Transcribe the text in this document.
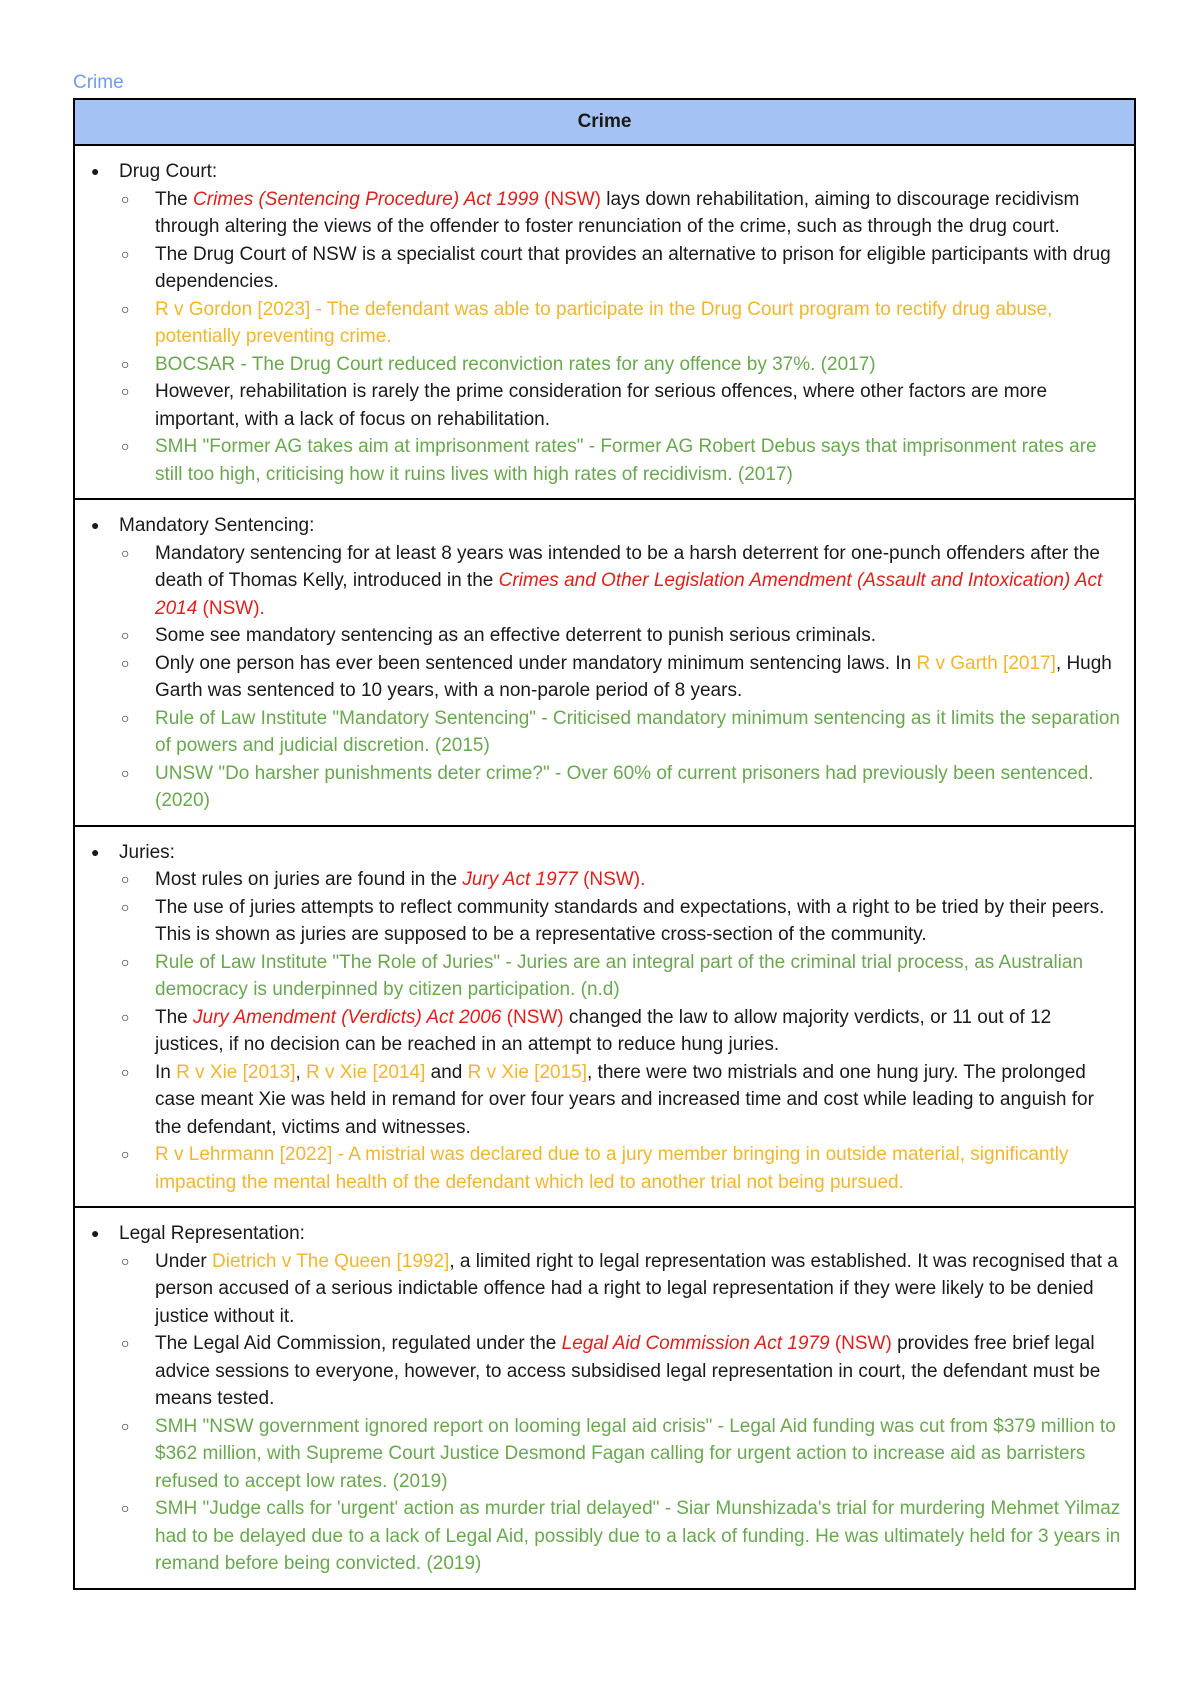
Crime
Crime

● Drug Court:
○ The Crimes (Sentencing Procedure) Act 1999 (NSW) lays down rehabilitation, aiming to discourage recidivism through altering the views of the offender to foster renunciation of the crime, such as through the drug court.
○ The Drug Court of NSW is a specialist court that provides an alternative to prison for eligible participants with drug dependencies.
○ R v Gordon [2023] - The defendant was able to participate in the Drug Court program to rectify drug abuse, potentially preventing crime.
○ BOCSAR - The Drug Court reduced reconviction rates for any offence by 37%. (2017)
○ However, rehabilitation is rarely the prime consideration for serious offences, where other factors are more important, with a lack of focus on rehabilitation.
○ SMH "Former AG takes aim at imprisonment rates" - Former AG Robert Debus says that imprisonment rates are still too high, criticising how it ruins lives with high rates of recidivism. (2017)

● Mandatory Sentencing:
○ Mandatory sentencing for at least 8 years was intended to be a harsh deterrent for one-punch offenders after the death of Thomas Kelly, introduced in the Crimes and Other Legislation Amendment (Assault and Intoxication) Act 2014 (NSW).
○ Some see mandatory sentencing as an effective deterrent to punish serious criminals.
○ Only one person has ever been sentenced under mandatory minimum sentencing laws. In R v Garth [2017], Hugh Garth was sentenced to 10 years, with a non-parole period of 8 years.
○ Rule of Law Institute "Mandatory Sentencing" - Criticised mandatory minimum sentencing as it limits the separation of powers and judicial discretion. (2015)
○ UNSW "Do harsher punishments deter crime?" - Over 60% of current prisoners had previously been sentenced. (2020)

● Juries:
○ Most rules on juries are found in the Jury Act 1977 (NSW).
○ The use of juries attempts to reflect community standards and expectations, with a right to be tried by their peers. This is shown as juries are supposed to be a representative cross-section of the community.
○ Rule of Law Institute "The Role of Juries" - Juries are an integral part of the criminal trial process, as Australian democracy is underpinned by citizen participation. (n.d)
○ The Jury Amendment (Verdicts) Act 2006 (NSW) changed the law to allow majority verdicts, or 11 out of 12 justices, if no decision can be reached in an attempt to reduce hung juries.
○ In R v Xie [2013], R v Xie [2014] and R v Xie [2015], there were two mistrials and one hung jury. The prolonged case meant Xie was held in remand for over four years and increased time and cost while leading to anguish for the defendant, victims and witnesses.
○ R v Lehrmann [2022] - A mistrial was declared due to a jury member bringing in outside material, significantly impacting the mental health of the defendant which led to another trial not being pursued.

● Legal Representation:
○ Under Dietrich v The Queen [1992], a limited right to legal representation was established. It was recognised that a person accused of a serious indictable offence had a right to legal representation if they were likely to be denied justice without it.
○ The Legal Aid Commission, regulated under the Legal Aid Commission Act 1979 (NSW) provides free brief legal advice sessions to everyone, however, to access subsidised legal representation in court, the defendant must be means tested.
○ SMH "NSW government ignored report on looming legal aid crisis" - Legal Aid funding was cut from $379 million to $362 million, with Supreme Court Justice Desmond Fagan calling for urgent action to increase aid as barristers refused to accept low rates. (2019)
○ SMH "Judge calls for 'urgent' action as murder trial delayed" - Siar Munshizada's trial for murdering Mehmet Yilmaz had to be delayed due to a lack of Legal Aid, possibly due to a lack of funding. He was ultimately held for 3 years in remand before being convicted. (2019)
